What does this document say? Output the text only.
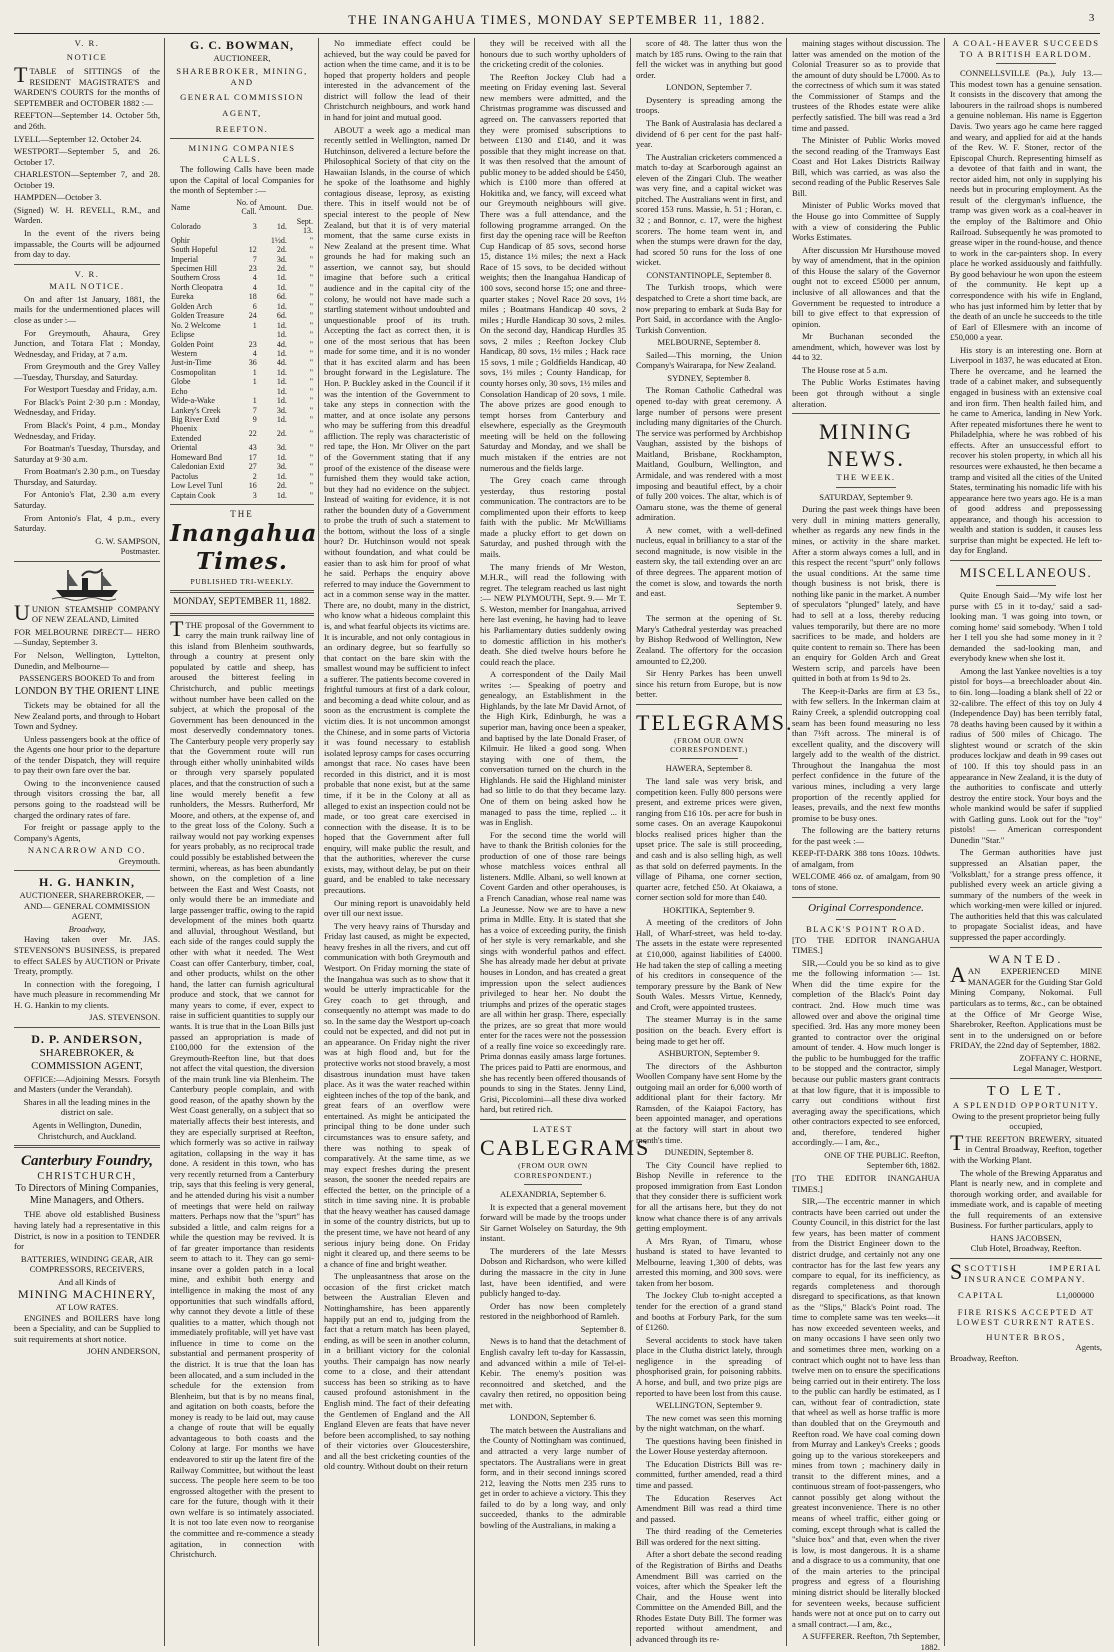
THE INANGAHUA TIMES, MONDAY SEPTEMBER 11, 1882.	3
V. R.
NOTICE

TTABLE of SITTINGS of the RESIDENT MAGISTRATE'S and WARDEN'S COURTS for the months of SEPTEMBER and OCTOBER 1882 :—

REEFTON—September 14. October 5th, and 26th.

LYELL—September 12. October 24.

WESTPORT—September 5, and 26. October 17.

CHARLESTON—September 7, and 28. October 19.

HAMPDEN—October 3.

(Signed) W. H. REVELL, R.M., and Warden.

In the event of the rivers being impassable, the Courts will be adjourned from day to day.

V. R.
MAIL NOTICE.

On and after 1st January, 1881, the mails for the undermentioned places will close as under :—

For Greymouth, Ahaura, Grey Junction, and Totara Flat ; Monday, Wednesday, and Friday, at 7 a.m.

From Greymouth and the Grey Valley—Tuesday, Thursday, and Saturday.

For Westport Tuesday and Friday, a.m.

For Black's Point 2·30 p.m : Monday, Wednesday, and Friday.

From Black's Point, 4 p.m., Monday Wednesday, and Friday.

For Boatman's Tuesday, Thursday, and Saturday at 9·30 a.m.

From Boatman's 2.30 p.m., on Tuesday Thursday, and Saturday.

For Antonio's Flat, 2.30 a.m every Saturday.

From Antonio's Flat, 4 p.m., every Saturday.

G. W. SAMPSON,
Postmaster.

UUNION STEAMSHIP COMPANY OF NEW ZEALAND, Limited

FOR MELBOURNE DIRECT— HERO—Sunday, September 3.

For Nelson, Wellington, Lyttelton, Dunedin, and Melbourne—

PASSENGERS BOOKED To and from

LONDON BY THE ORIENT LINE

Tickets may be obtained for all the New Zealand ports, and through to Hobart Town and Sydney.

Unless passengers book at the office of the Agents one hour prior to the departure of the tender Dispatch, they will require to pay their own fare over the bar.

Owing to the inconvenience caused through visitors crossing the bar, all persons going to the roadstead will be charged the ordinary rates of fare.

For freight or passage apply to the Company's Agents,

NANCARROW AND CO.
Greymouth.
H. G. HANKIN,

AUCTIONEER, SHAREBROKER, —AND— GENERAL COMMISSION AGENT,

Broadway,

Having taken over Mr. JAS. STEVENSON'S BUSINESS, is prepared to effect SALES by AUCTION or Private Treaty, promptly.

In connection with the foregoing, I have much pleasure in recommending Mr H. G. Hankin to my clients.

JAS. STEVENSON.
D. P. ANDERSON,
SHAREBROKER, & COMMISSION AGENT,

OFFICE:—Adjoining Messrs. Forsyth and Masters (under the Verandah).

Shares in all the leading mines in the district on sale.

Agents in Wellington, Dunedin, Christchurch, and Auckland.

Canterbury Foundry,
CHRISTCHURCH,

To Directors of Mining Companies, Mine Managers, and Others.

THE above old established Business having lately had a representative in this District, is now in a position to TENDER for

BATTERIES, WINDING GEAR, AIR COMPRESSORS, RECEIVERS,

And all Kinds of
MINING MACHINERY,
AT LOW RATES.

ENGINES and BOILERS have long been a Speciality, and can be Supplied to suit requirements at short notice.

JOHN ANDERSON,
G. C. BOWMAN,
AUCTIONEER,
SHAREBROKER, MINING, AND
GENERAL COMMISSION
AGENT,
REEFTON.
MINING COMPANIES CALLS.

The following Calls have been made upon the Capital of local Companies for the month of September :—

Name	No. of Call.	Amount.	Due.
Colorado	3	1d.	Sept. 13.
Ophir		1½d.	"
South Hopeful	12	2d.	"
Imperial	7	3d.	"
Specimen Hill	23	2d.	"
Southern Cross	4	1d.	"
North Cleopatra	4	1d.	"
Eureka	18	6d.	"
Golden Arch	6	1d.	"
Golden Treasure	24	6d.	"
No. 2 Welcome	1	1d.	"
Eclipse		1d.	"
Golden Point	23	4d.	"
Western	4	1d.	"
Just-in-Time	36	4d.	"
Cosmopolitan	1	1d.	"
Globe	1	1d.	"
Echo		1d.	"
Wide-a-Wake	1	1d.	"
Lankey's Creek	7	3d.	"
Big River Extd	9	1d.	"
Phoenix Extended	22	2d.	"
Oriental	43	3d.	"
Homeward Bnd	17	1d.	"
Caledonian Extd	27	3d.	"
Pactolus	2	1d.	"
Low Level Tunl	16	2d.	"
Captain Cook	3	1d.	"
THE
Inangahua Times.
PUBLISHED TRI-WEEKLY.
MONDAY, SEPTEMBER 11, 1882.

TTHE proposal of the Government to carry the main trunk railway line of this island from Blenheim southwards, through a country at present only populated by cattle and sheep, has aroused the bitterest feeling in Christchurch, and public meetings without number have been called on the subject, at which the proposal of the Government has been denounced in the most deservedly condemnatory tones. The Canterbury people very properly say that the Government route will run through either wholly uninhabited wilds or through very sparsely populated places, and that the construction of such a line would merely benefit a few runholders, the Messrs. Rutherford, Mr Moore, and others, at the expense of, and to the great loss of the Colony. Such a railway would not pay working expenses for years probably, as no reciprocal trade could possibly be established between the termini, whereas, as has been abundantly shown, on the completion of a line between the East and West Coasts, not only would there be an immediate and large passenger traffic, owing to the rapid development of the mines both quartz and alluvial, throughout Westland, but each side of the ranges could supply the other with what it needed. The West Coast can offer Canterbury, timber, coal, and other products, whilst on the other hand, the latter can furnish agricultural produce and stock, that we cannot for many years to come, if ever, expect to raise in sufficient quantities to supply our wants. It is true that in the Loan Bills just passed an appropriation is made of £100,000 for the extension of the Greymouth-Reefton line, but that does not affect the vital question, the diversion of the main trunk line via Blenheim. The Canterbury people complain, and with good reason, of the apathy shown by the West Coast generally, on a subject that so materially affects their best interests, and they are especially surprised at Reefton, which formerly was so active in railway agitation, collapsing in the way it has done. A resident in this town, who has very recently returned from a Canterbury trip, says that this feeling is very general, and he attended during his visit a number of meetings that were held on railway matters. Perhaps now that the "spurt" has subsided a little, and calm reigns for a while the question may be revived. It is of far greater importance than residents seem to attach to it. They can go semi-insane over a golden patch in a local mine, and exhibit both energy and intelligence in making the most of any opportunities that such windfalls afford, why cannot they devote a little of these qualities to a matter, which though not immediately profitable, will yet have vast influence in time to come on the substantial and permanent prosperity of the district. It is true that the loan has been allocated, and a sum included in the schedule for the extension from Blenheim, but that is by no means final, and agitation on both coasts, before the money is ready to be laid out, may cause a change of route that will be equally advantageous to both coasts and the Colony at large. For months we have endeavored to stir up the latent fire of the Railway Committee, but without the least success. The people here seem to be too engrossed altogether with the present to care for the future, though with it their own welfare is so intimately associated. It is not too late even now to reorganise the committee and re-commence a steady agitation, in connection with Christchurch.

No immediate effect could be achieved, but the way could be paved for action when the time came, and it is to be hoped that property holders and people interested in the advancement of the district will follow the lead of their Christchurch neighbours, and work hand in hand for joint and mutual good.

ABOUT a week ago a medical man recently settled in Wellington, named Dr Hutchinson, delivered a lecture before the Philosophical Society of that city on the Hawaiian Islands, in the course of which he spoke of the loathsome and highly contagious disease, leprosy, as existing there. This in itself would not be of special interest to the people of New Zealand, but that it is of very material moment, that the same curse exists in New Zealand at the present time. What grounds he had for making such an assertion, we cannot say, but should imagine that before such a critical audience and in the capital city of the colony, he would not have made such a startling statement without undoubted and unquestionable proof of its truth. Accepting the fact as correct then, it is one of the most serious that has been made for some time, and it is no wonder that it has excited alarm and has been brought forward in the Legislature. The Hon. P. Buckley asked in the Council if it was the intention of the Government to take any steps in connection with the matter, and at once isolate any persons who may be suffering from this dreadful affliction. The reply was characteristic of red tape, the Hon. Mr Oliver on the part of the Government stating that if any proof of the existence of the disease were furnished them they would take action, but they had no evidence on the subject. Instead of waiting for evidence, it is not rather the bounden duty of a Government to probe the truth of such a statement to the bottom, without the loss of a single hour? Dr. Hutchinson would not speak without foundation, and what could be easier than to ask him for proof of what he said. Perhaps the enquiry above referred to may induce the Government to act in a common sense way in the matter. There are, no doubt, many in the district, who know what a hideous complaint this is, and what fearful objects its victims are. It is incurable, and not only contagious in an ordinary degree, but so fearfully so that contact on the bare skin with the smallest wound may be sufficient to infect a sufferer. The patients become covered in frightful tumours at first of a dark colour, and becoming a dead white colour, and as soon as the encrustment is complete the victim dies. It is not uncommon amongst the Chinese, and in some parts of Victoria it was found necessary to establish isolated leprosy camps for cases occurring amongst that race. No cases have been recorded in this district, and it is most probable that none exist, but at the same time, if it be in the Colony at all as alleged to exist an inspection could not be made, or too great care exercised in connection with the disease. It is to be hoped that the Government after full enquiry, will make public the result, and that the authorities, wherever the curse exists, may, without delay, be put on their guard, and be enabled to take necessary precautions.

Our mining report is unavoidably held over till our next issue.

The very heavy rains of Thursday and Friday last caused, as might be expected, heavy freshes in all the rivers, and cut off communication with both Greymouth and Westport. On Friday morning the state of the Inangahua was such as to show that it would be utterly impracticable for the Grey coach to get through, and consequently no attempt was made to do so. In the same day the Westport up-coach could not be expected, and did not put in an appearance. On Friday night the river was at high flood and, but for the protective works not stood bravely, a most disastrous inundation must have taken place. As it was the water reached within eighteen inches of the top of the bank, and great fears of an overflow were entertained. As might be anticipated the principal thing to be done under such circumstances was to ensure safety, and there was nothing to speak of comparatively. At the same time, as we may expect freshes during the present season, the sooner the needed repairs are effected the better, on the principle of a stitch in time saving nine. It is probable that the heavy weather has caused damage in some of the country districts, but up to the present time, we have not heard of any serious injury being done. On Friday night it cleared up, and there seems to be a chance of fine and bright weather.

The unpleasantness that arose on the occasion of the first cricket match between the Australian Eleven and Nottinghamshire, has been apparently happily put an end to, judging from the fact that a return match has been played, ending, as will be seen in another column, in a brilliant victory for the colonial youths. Their campaign has now nearly come to a close, and their attendant success has been so striking as to have caused profound astonishment in the English mind. The fact of their defeating the Gentlemen of England and the All England Eleven are feats that have never before been accomplished, to say nothing of their victories over Gloucestershire, and all the best cricketing counties of the old country. Without doubt on their return

they will be received with all the honours due to such worthy upholders of the cricketing credit of the colonies.

The Reefton Jockey Club had a meeting on Friday evening last. Several new members were admitted, and the Christmas programme was discussed and agreed on. The canvassers reported that they were promised subscriptions to between £130 and £140, and it was possible that they might increase on that. It was then resolved that the amount of public money to be added should be £450, which is £100 more than offered at Hokitika and, we fancy, will exceed what our Greymouth neighbours will give. There was a full attendance, and the following programme arranged. On the first day the opening race will be Reefton Cup Handicap of 85 sovs, second horse 15, distance 1½ miles; the next a Hack Race of 15 sovs, to be decided without weights; then the Inangahua Handicap of 100 sovs, second horse 15; one and three-quarter stakes ; Novel Race 20 sovs, 1½ miles ; Boatmans Handicap 40 sovs, 2 miles ; Hurdle Handicap 30 sovs, 2 miles. On the second day, Handicap Hurdles 35 sovs, 2 miles ; Reefton Jockey Club Handicap, 80 sovs, 1½ miles ; Hack race 15 sovs, 1 mile ; Goldfields Handicap, 40 sovs, 1½ miles ; County Handicap, for county horses only, 30 sovs, 1½ miles and Consolation Handicap of 20 sovs, 1 mile. The above prizes are good enough to tempt horses from Canterbury and elsewhere, especially as the Greymouth meeting will be held on the following Saturday and Monday, and we shall be much mistaken if the entries are not numerous and the fields large.

The Grey coach came through yesterday, thus restoring postal communication. The contractors are to be complimented upon their efforts to keep faith with the public. Mr McWilliams made a plucky effort to get down on Saturday, and pushed through with the mails.

The many friends of Mr Weston, M.H.R., will read the following with regret. The telegram reached us last night :— NEW PLYMOUTH, Sept. 9.— Mr T. S. Weston, member for Inangahua, arrived here last evening, he having had to leave his Parliamentary duties suddenly owing to domestic affliction in his mother's death. She died twelve hours before he could reach the place.

A correspondent of the Daily Mail writes :— Speaking of poetry and genealogy, an Establishment in the Highlands, by the late Mr David Arnot, of the High Kirk, Edinburgh, he was a superior man, having once been a speaker, and baptised by the late Donald Fraser, of Kilmuir. He liked a good song. When staying with one of them, the conversation turned on the church in the Highlands. He said the Highland minister had so little to do that they became lazy. One of them on being asked how he managed to pass the time, replied ... it was in English.

For the second time the world will have to thank the British colonies for the production of one of those rare beings whose matchless voices enthral all listeners. Mdlle. Albani, so well known at Covent Garden and other operahouses, is a French Canadian, whose real name was La Jeunesse. Now we are to have a new prima in Mdlle. Etty. It is stated that she has a voice of exceeding purity, the finish of her style is very remarkable, and she sings with wonderful pathos and effect. She has already made her debut at private houses in London, and has created a great impression upon the select audiences privileged to hear her. No doubt the triumphs and prizes of the operatic stages are all within her grasp. There, especially the prizes, are so great that more would enter for the races were not the possession of a really fine voice so exceedingly rare. Prima donnas easily amass large fortunes. The prices paid to Patti are enormous, and she has recently been offered thousands of pounds to sing in the States. Jenny Lind, Grisi, Piccolomini—all these diva worked hard, but retired rich.

LATEST
CABLEGRAMS
(FROM OUR OWN CORRESPONDENT.)

ALEXANDRIA, September 6.

It is expected that a general movement forward will be made by the troops under Sir Garnet Wolseley on Saturday, the 9th instant.

The murderers of the late Messrs Dobson and Richardson, who were killed during the massacre in the city in June last, have been identified, and were publicly hanged to-day.

Order has now been completely restored in the neighborhood of Ramleh.

September 8.

News is to hand that the detachment of English cavalry left to-day for Kassassin, and advanced within a mile of Tel-el-Kebir. The enemy's position was reconnoitred and sketched, and the cavalry then retired, no opposition being met with.

LONDON, September 6.

The match between the Australians and the County of Nottingham was continued, and attracted a very large number of spectators. The Australians were in great form, and in their second innings scored 212, leaving the Notts men 235 runs to get in order to achieve a victory. This they failed to do by a long way, and only succeeded, thanks to the admirable bowling of the Australians, in making a

score of 48. The latter thus won the match by 185 runs. Owing to the rain that fell the wicket was in anything but good order.

LONDON, September 7.

Dysentery is spreading among the troops.

The Bank of Australasia has declared a dividend of 6 per cent for the past half-year.

The Australian cricketers commenced a match to-day at Scarborough against an eleven of the Zingari Club. The weather was very fine, and a capital wicket was pitched. The Australians went in first, and scored 153 runs. Massie, h. 51 ; Horan, c. 32 ; and Bonnor, c. 17, were the highest scorers. The home team went in, and when the stumps were drawn for the day, had scored 50 runs for the loss of one wicket.

CONSTANTINOPLE, September 8.

The Turkish troops, which were despatched to Crete a short time back, are now preparing to embark at Suda Bay for Port Said, in accordance with the Anglo-Turkish Convention.

MELBOURNE, September 8.

Sailed—This morning, the Union Company's Wairarapa, for New Zealand.

SYDNEY, September 8.

The Roman Catholic Cathedral was opened to-day with great ceremony. A large number of persons were present including many dignitaries of the Church. The service was performed by Archbishop Vaughan, assisted by the bishops of Maitland, Brisbane, Rockhampton, Maitland, Goulburn, Wellington, and Armidale, and was rendered with a most imposing and beautiful effect, by a choir of fully 200 voices. The altar, which is of Oamaru stone, was the theme of general admiration.

A new comet, with a well-defined nucleus, equal in brilliancy to a star of the second magnitude, is now visible in the eastern sky, the tail extending over an arc of three degrees. The apparent motion of the comet is slow, and towards the north and east.

September 9.

The sermon at the opening of St. Mary's Cathedral yesterday was preached by Bishop Redwood of Wellington, New Zealand. The offertory for the occasion amounted to £2,200.

Sir Henry Parkes has been unwell since his return from Europe, but is now better.

TELEGRAMS.
(FROM OUR OWN CORRESPONDENT.)

HAWERA, September 8.

The land sale was very brisk, and competition keen. Fully 800 persons were present, and extreme prices were given, ranging from £16 10s. per acre for bush in some cases. On an average Kaupokonui blocks realised prices higher than the upset price. The sale is still proceeding, and cash and is also selling high, as well as that sold on deferred payments. In the village of Pihama, one corner section, quarter acre, fetched £50. At Okaiawa, a corner section sold for more than £40.

HOKITIKA, September 9.

A meeting of the creditors of John Hall, of Wharf-street, was held to-day. The assets in the estate were represented at £10,000, against liabilities of £4000. He had taken the step of calling a meeting of his creditors in consequence of the temporary pressure by the Bank of New South Wales. Messrs Virtue, Kennedy, and Croft, were appointed trustees.

The steamer Murray is in the same position on the beach. Every effort is being made to get her off.

ASHBURTON, September 9.

The directors of the Ashburton Woollen Company have sent Home by the outgoing mail an order for 6,000 worth of additional plant for their factory. Mr Ramsden, of the Kaiapoi Factory, has been appointed manager, and operations at the factory will start in about two month's time.

DUNEDIN, September 8.

The City Council have replied to Bishop Neville in reference to the proposed immigration from East London that they consider there is sufficient work for all the artisans here, but they do not know what chance there is of any arrivals getting employment.

A Mrs Ryan, of Timaru, whose husband is stated to have levanted to Melbourne, leaving 1,300 of debts, was arrested this morning, and 300 sovs. were taken from her bosom.

The Jockey Club to-night accepted a tender for the erection of a grand stand and booths at Forbury Park, for the sum of £1260.

Several accidents to stock have taken place in the Clutha district lately, through negligence in the spreading of phosphorised grain, for poisoning rabbits. A horse, and bull, and two prize pigs are reported to have been lost from this cause.

WELLINGTON, September 9.

The new comet was seen this morning by the night watchman, on the wharf.

The questions having been finished in the Lower House yesterday afternoon.

The Education Districts Bill was re-committed, further amended, read a third time and passed.

The Education Reserves Act Amendment Bill was read a third time and passed.

The third reading of the Cemeteries Bill was ordered for the next sitting.

After a short debate the second reading of the Registration of Births and Deaths Amendment Bill was carried on the voices, after which the Speaker left the Chair, and the House went into Committee on the Amended Bill, and the Rhodes Estate Duty Bill. The former was reported without amendment, and advanced through its re-

maining stages without discussion. The latter was amended on the motion of the Colonial Treasurer so as to provide that the amount of duty should be L7000. As to the correctness of which sum it was stated the Commissioner of Stamps and the trustees of the Rhodes estate were alike perfectly satisfied. The bill was read a 3rd time and passed.

The Minister of Public Works moved the second reading of the Tramways East Coast and Hot Lakes Districts Railway Bill, which was carried, as was also the second reading of the Public Reserves Sale Bill.

Minister of Public Works moved that the House go into Committee of Supply with a view of considering the Public Works Estimates.

After discussion Mr Hursthouse moved by way of amendment, that in the opinion of this House the salary of the Governor ought not to exceed £5000 per annum, inclusive of all allowances and that the Government be requested to introduce a bill to give effect to that expression of opinion.

Mr Buchanan seconded the amendment, which, however was lost by 44 to 32.

The House rose at 5 a.m.

The Public Works Estimates having been got through without a single alteration.

MINING NEWS.
THE WEEK.

SATURDAY, September 9.

During the past week things have been very dull in mining matters generally, whether as regards any new finds in the mines, or activity in the share market. After a storm always comes a lull, and in this respect the recent "spurt" only follows the usual conditions. At the same time though business is not brisk, there is nothing like panic in the market. A number of speculators "plunged" lately, and have had to sell at a loss, thereby reducing values temporarily, but there are no more sacrifices to be made, and holders are quite content to remain so. There has been an enquiry for Golden Arch and Great Western scrip, and parcels have been quitted in both at from 1s 9d to 2s.

The Keep-it-Darks are firm at £3 5s., with few sellers. In the Inkerman claim at Rainy Creek, a splendid outcropping coal seam has been found measuring no less than 7½ft across. The mineral is of excellent quality, and the discovery will largely add to the wealth of the district. Throughout the Inangahua the most perfect confidence in the future of the various mines, including a very large proportion of the recently applied for leases, prevails, and the next few months promise to be busy ones.

The following are the battery returns for the past week :—

KEEP-IT-DARK 388 tons 10ozs. 10dwts. of amalgam, from

WELCOME 466 oz. of amalgam, from 90 tons of stone.

Original Correspondence.
BLACK'S POINT ROAD.

[TO THE EDITOR INANGAHUA TIMES.]

SIR,—Could you be so kind as to give me the following information :— 1st. When did the time expire for the completion of the Black's Point day contract. 2nd. How much time was allowed over and above the original time specified. 3rd. Has any more money been granted to contractor over the original amount of tender. 4. How much longer is the public to be humbugged for the traffic to be stopped and the contractor, simply because our public masters grant contracts at that low figure, that it is impossible to carry out conditions without first averaging away the specifications, which other contractors expected to see enforced, and, therefore, tendered higher accordingly.— I am, &c.,

ONE OF THE PUBLIC. Reefton, September 6th, 1882.

[TO THE EDITOR INANGAHUA TIMES.]

SIR,—The eccentric manner in which contracts have been carried out under the County Council, in this district for the last few years, has been matter of comment from the District Engineer down to the district drudge, and certainly not any one contractor has for the last few years any compare to equal, for its inefficiency, as regards completeness and thorough disregard to specifications, as that known as the "Slips," Black's Point road. The time to complete same was ten weeks—it has now exceeded seventeen weeks, and on many occasions I have seen only two and sometimes three men, working on a contract which ought not to have less than twelve men on to ensure the specifications being carried out in their entirety. The loss to the public can hardly be estimated, as I can, without fear of contradiction, state that wheel as well as horse traffic is more than doubled that on the Greymouth and Reefton road. We have coal coming down from Murray and Lankey's Creeks ; goods going up to the various storekeepers and mines from town ; machinery daily in transit to the different mines, and a continuous stream of foot-passengers, who cannot possibly get along without the greatest inconvenience. There is no other means of wheel traffic, either going or coming, except through what is called the "sluice box" and that, even when the river is low, is most dangerous. It is a shame and a disgrace to us a community, that one of the main arteries to the principal progress and egress of a flourishing mining district should be literally blocked for seventeen weeks, because sufficient hands were not at once put on to carry out a small contract.—I am, &c.,

A SUFFERER. Reefton, 7th September, 1882.

A COAL-HEAVER SUCCEEDS TO A BRITISH EARLDOM.

CONNELLSVILLE (Pa.), July 13.— This modest town has a genuine sensation. It consists in the discovery that among the labourers in the railroad shops is numbered a genuine nobleman. His name is Eggerton Davis. Two years ago he came here ragged and weary, and applied for aid at the hands of the Rev. W. F. Stoner, rector of the Episcopal Church. Representing himself as a devotee of that faith and in want, the rector aided him, not only in supplying his needs but in procuring employment. As the result of the clergyman's influence, the tramp was given work as a coal-heaver in the employ of the Baltimore and Ohio Railroad. Subsequently he was promoted to grease wiper in the round-house, and thence to work in the car-painters shop. In every place he worked assiduously and faithfully. By good behaviour he won upon the esteem of the community. He kept up a correspondence with his wife in England, who has just informed him by letter that by the death of an uncle he succeeds to the title of Earl of Ellesmere with an income of £50,000 a year.

His story is an interesting one. Born at Liverpool in 1837, he was educated at Eton. There he overcame, and he learned the trade of a cabinet maker, and subsequently engaged in business with an extensive coal and iron firm. Then health failed him, and he came to America, landing in New York. After repeated misfortunes there he went to Philadelphia, where he was robbed of his effects. After an unsuccessful effort to recover his stolen property, in which all his resources were exhausted, he then became a tramp and visited all the cities of the United States, terminating his nomadic life with his appearance here two years ago. He is a man of good address and prepossessing appearance, and though his accession to wealth and station is sudden, it causes less surprise than might be expected. He left to-day for England.

MISCELLANEOUS.

Quite Enough Said—'My wife lost her purse with £5 in it to-day,' said a sad-looking man. 'I was going into town, or coming home' said somebody. 'When I told her I tell you she had some money in it ? demanded the sad-looking man, and everybody knew when she lost it.

Among the last Yankee novelties is a toy pistol for boys—a breechloader about 4in. to 6in. long—loading a blank shell of 22 or 32-calibre. The effect of this toy on July 4 (Independence Day) has been terribly fatal, 78 deaths having been caused by it within a radius of 500 miles of Chicago. The slightest wound or scratch of the skin produces lockjaw and death in 99 cases out of 100. If this toy should pass in an appearance in New Zealand, it is the duty of the authorities to confiscate and utterly destroy the entire stock. Your boys and the whole mankind would be safer if supplied with Gatling guns. Look out for the "toy" pistols! — American correspondent Dunedin "Star."

The German authorities have just suppressed an Alsatian paper, the 'Volksblatt,' for a strange press offence, it published every week an article giving a summary of the numbers of the week in which working-men were killed or injured. The authorities held that this was calculated to propagate Socialist ideas, and have suppressed the paper accordingly.

WANTED.

AAN EXPERIENCED MINE MANAGER for the Guiding Star Gold Mining Company, Nokomai. Full particulars as to terms, &c., can be obtained at the Office of Mr George Wise, Sharebroker, Reefton. Applications must be sent in to the undersigned on or before FRIDAY, the 22nd day of September, 1882.

ZOFFANY C. HORNE,
Legal Manager, Westport.
TO LET.
A SPLENDID OPPORTUNITY.

Owing to the present proprietor being fully occupied,

TTHE REEFTON BREWERY, situated in Central Broadway, Reefton, together with the Working Plant.

The whole of the Brewing Apparatus and Plant is nearly new, and in complete and thorough working order, and available for immediate work, and is capable of meeting the full requirements of an extensive Business. For further particulars, apply to

HANS JACOBSEN,
Club Hotel, Broadway, Reefton.

SSCOTTISH IMPERIAL INSURANCE COMPANY.

CAPITAL	L1,000000

FIRE RISKS ACCEPTED AT LOWEST CURRENT RATES.

HUNTER BROS,
Agents,
Broadway, Reefton.
